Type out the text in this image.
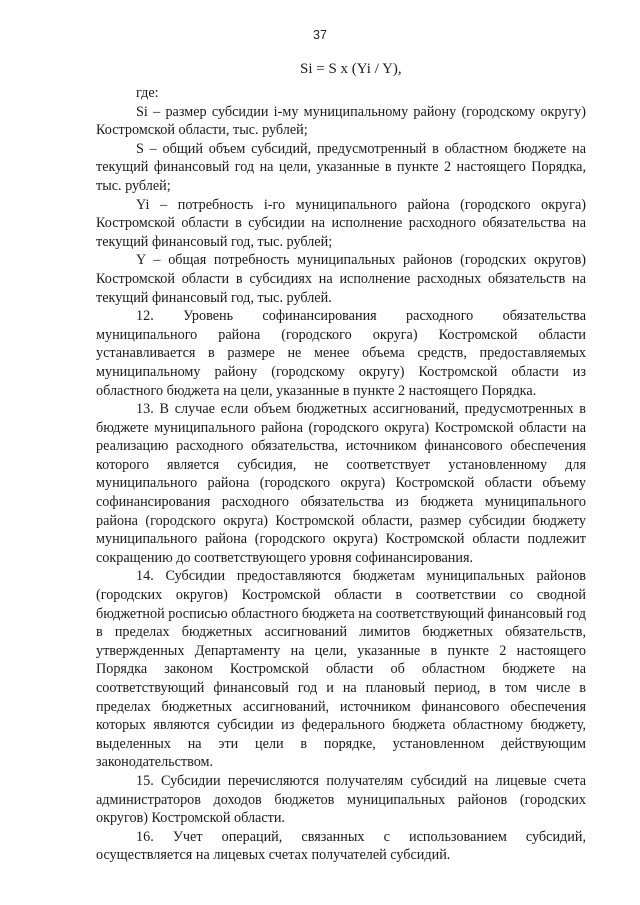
37
Si = S x (Yi / Y),

где:

Si – размер субсидии i-му муниципальному району (городскому округу) Костромской области, тыс. рублей;

S – общий объем субсидий, предусмотренный в областном бюджете на текущий финансовый год на цели, указанные в пункте 2 настоящего Порядка, тыс. рублей;

Yi – потребность i-го муниципального района (городского округа) Костромской области в субсидии на исполнение расходного обязательства на текущий финансовый год, тыс. рублей;

Y – общая потребность муниципальных районов (городских округов) Костромской области в субсидиях на исполнение расходных обязательств на текущий финансовый год, тыс. рублей.

12. Уровень софинансирования расходного обязательства муниципального района (городского округа) Костромской области устанавливается в размере не менее объема средств, предоставляемых муниципальному району (городскому округу) Костромской области из областного бюджета на цели, указанные в пункте 2 настоящего Порядка.

13. В случае если объем бюджетных ассигнований, предусмотренных в бюджете муниципального района (городского округа) Костромской области на реализацию расходного обязательства, источником финансового обеспечения которого является субсидия, не соответствует установленному для муниципального района (городского округа) Костромской области объему софинансирования расходного обязательства из бюджета муниципального района (городского округа) Костромской области, размер субсидии бюджету муниципального района (городского округа) Костромской области подлежит сокращению до соответствующего уровня софинансирования.

14. Субсидии предоставляются бюджетам муниципальных районов (городских округов) Костромской области в соответствии со сводной бюджетной росписью областного бюджета на соответствующий финансовый год в пределах бюджетных ассигнований лимитов бюджетных обязательств, утвержденных Департаменту на цели, указанные в пункте 2 настоящего Порядка законом Костромской области об областном бюджете на соответствующий финансовый год и на плановый период, в том числе в пределах бюджетных ассигнований, источником финансового обеспечения которых являются субсидии из федерального бюджета областному бюджету, выделенных на эти цели в порядке, установленном действующим законодательством.

15. Субсидии перечисляются получателям субсидий на лицевые счета администраторов доходов бюджетов муниципальных районов (городских округов) Костромской области.

16. Учет операций, связанных с использованием субсидий, осуществляется на лицевых счетах получателей субсидий.
